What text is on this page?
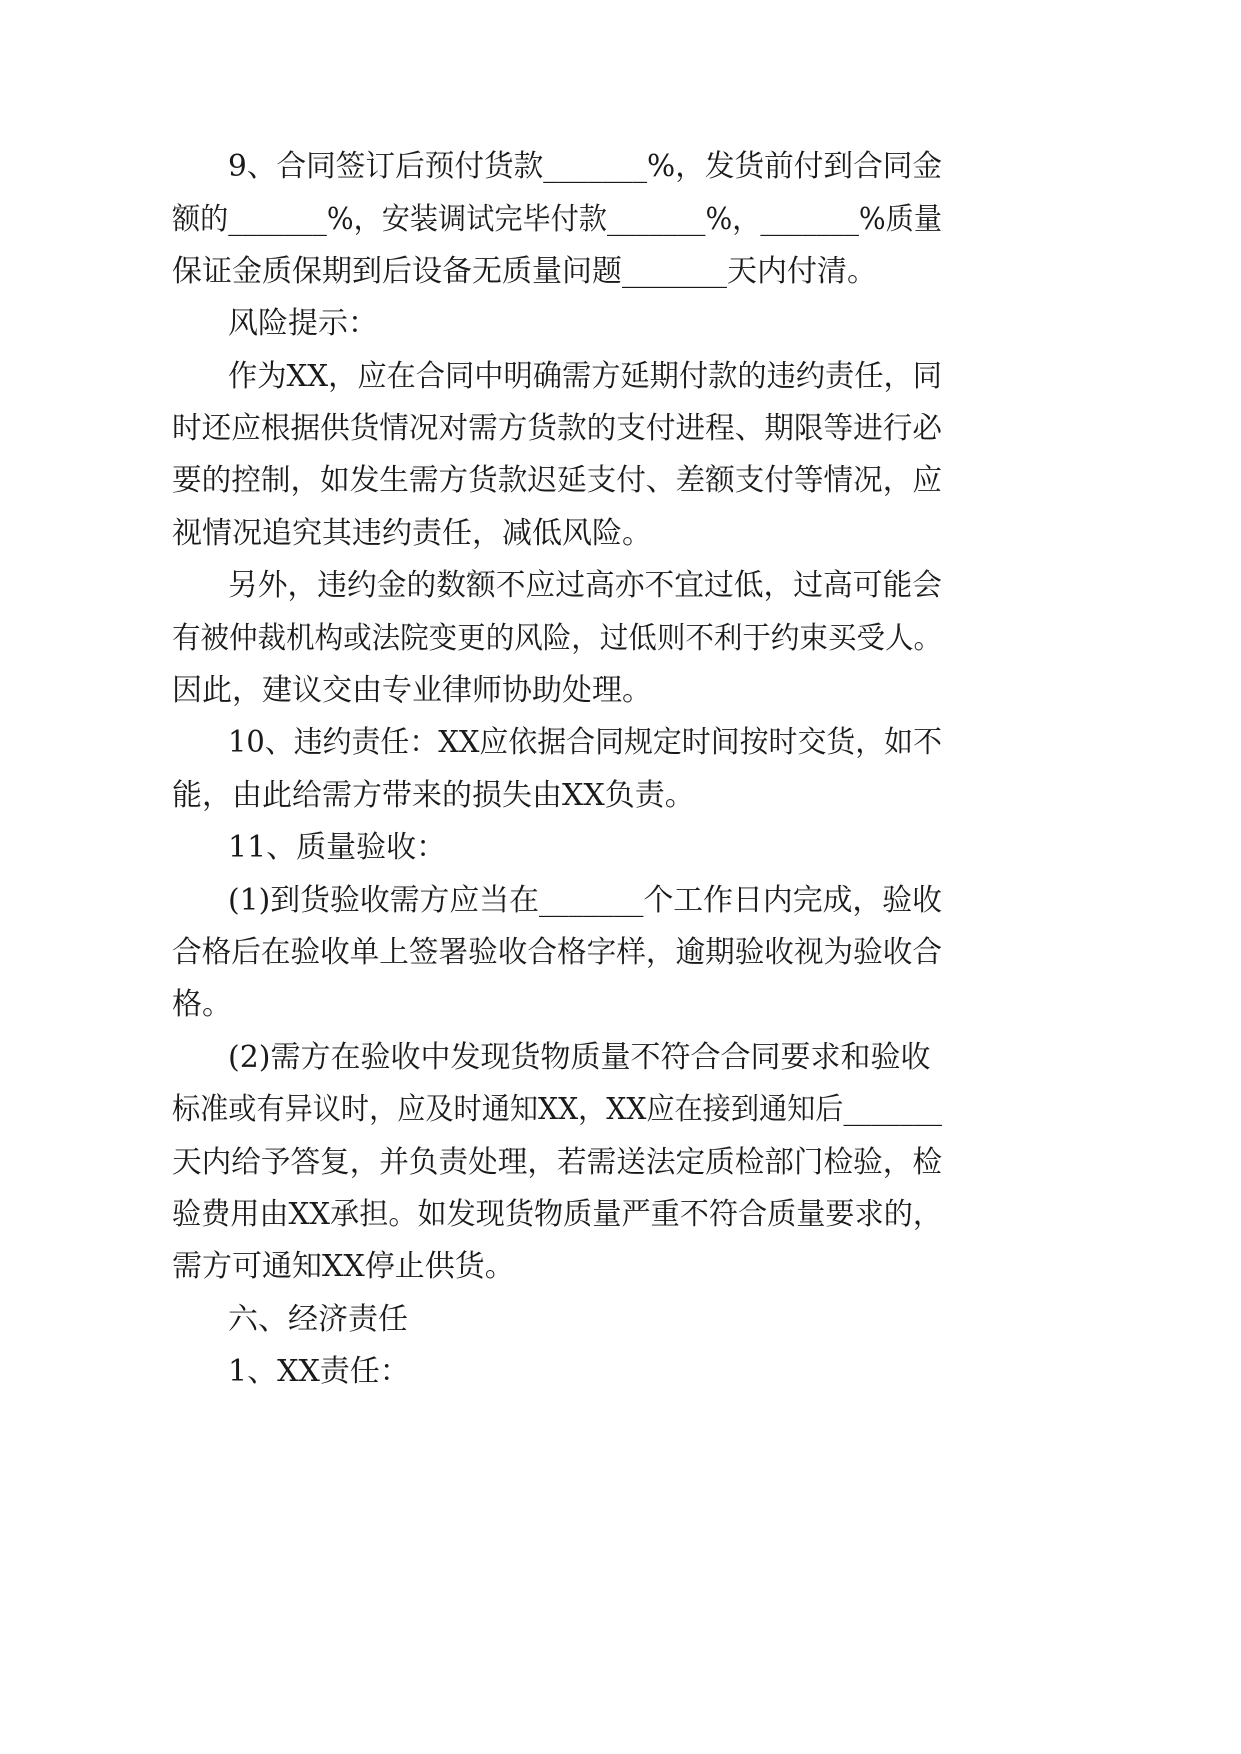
9、合同签订后预付货款_______%，发货前付到合同金
额的_______%，安装调试完毕付款_______%，_______%质量
保证金质保期到后设备无质量问题_______天内付清。
风险提示：
作为XX，应在合同中明确需方延期付款的违约责任，同
时还应根据供货情况对需方货款的支付进程、期限等进行必
要的控制，如发生需方货款迟延支付、差额支付等情况，应
视情况追究其违约责任，减低风险。
另外，违约金的数额不应过高亦不宜过低，过高可能会
有被仲裁机构或法院变更的风险，过低则不利于约束买受人。
因此，建议交由专业律师协助处理。
10、违约责任：XX应依据合同规定时间按时交货，如不
能，由此给需方带来的损失由XX负责。
11、质量验收：
(1)到货验收需方应当在_______个工作日内完成，验收
合格后在验收单上签署验收合格字样，逾期验收视为验收合
格。
(2)需方在验收中发现货物质量不符合合同要求和验收
标准或有异议时，应及时通知XX，XX应在接到通知后_______
天内给予答复，并负责处理，若需送法定质检部门检验，检
验费用由XX承担。如发现货物质量严重不符合质量要求的，
需方可通知XX停止供货。
六、经济责任
1、XX责任：
